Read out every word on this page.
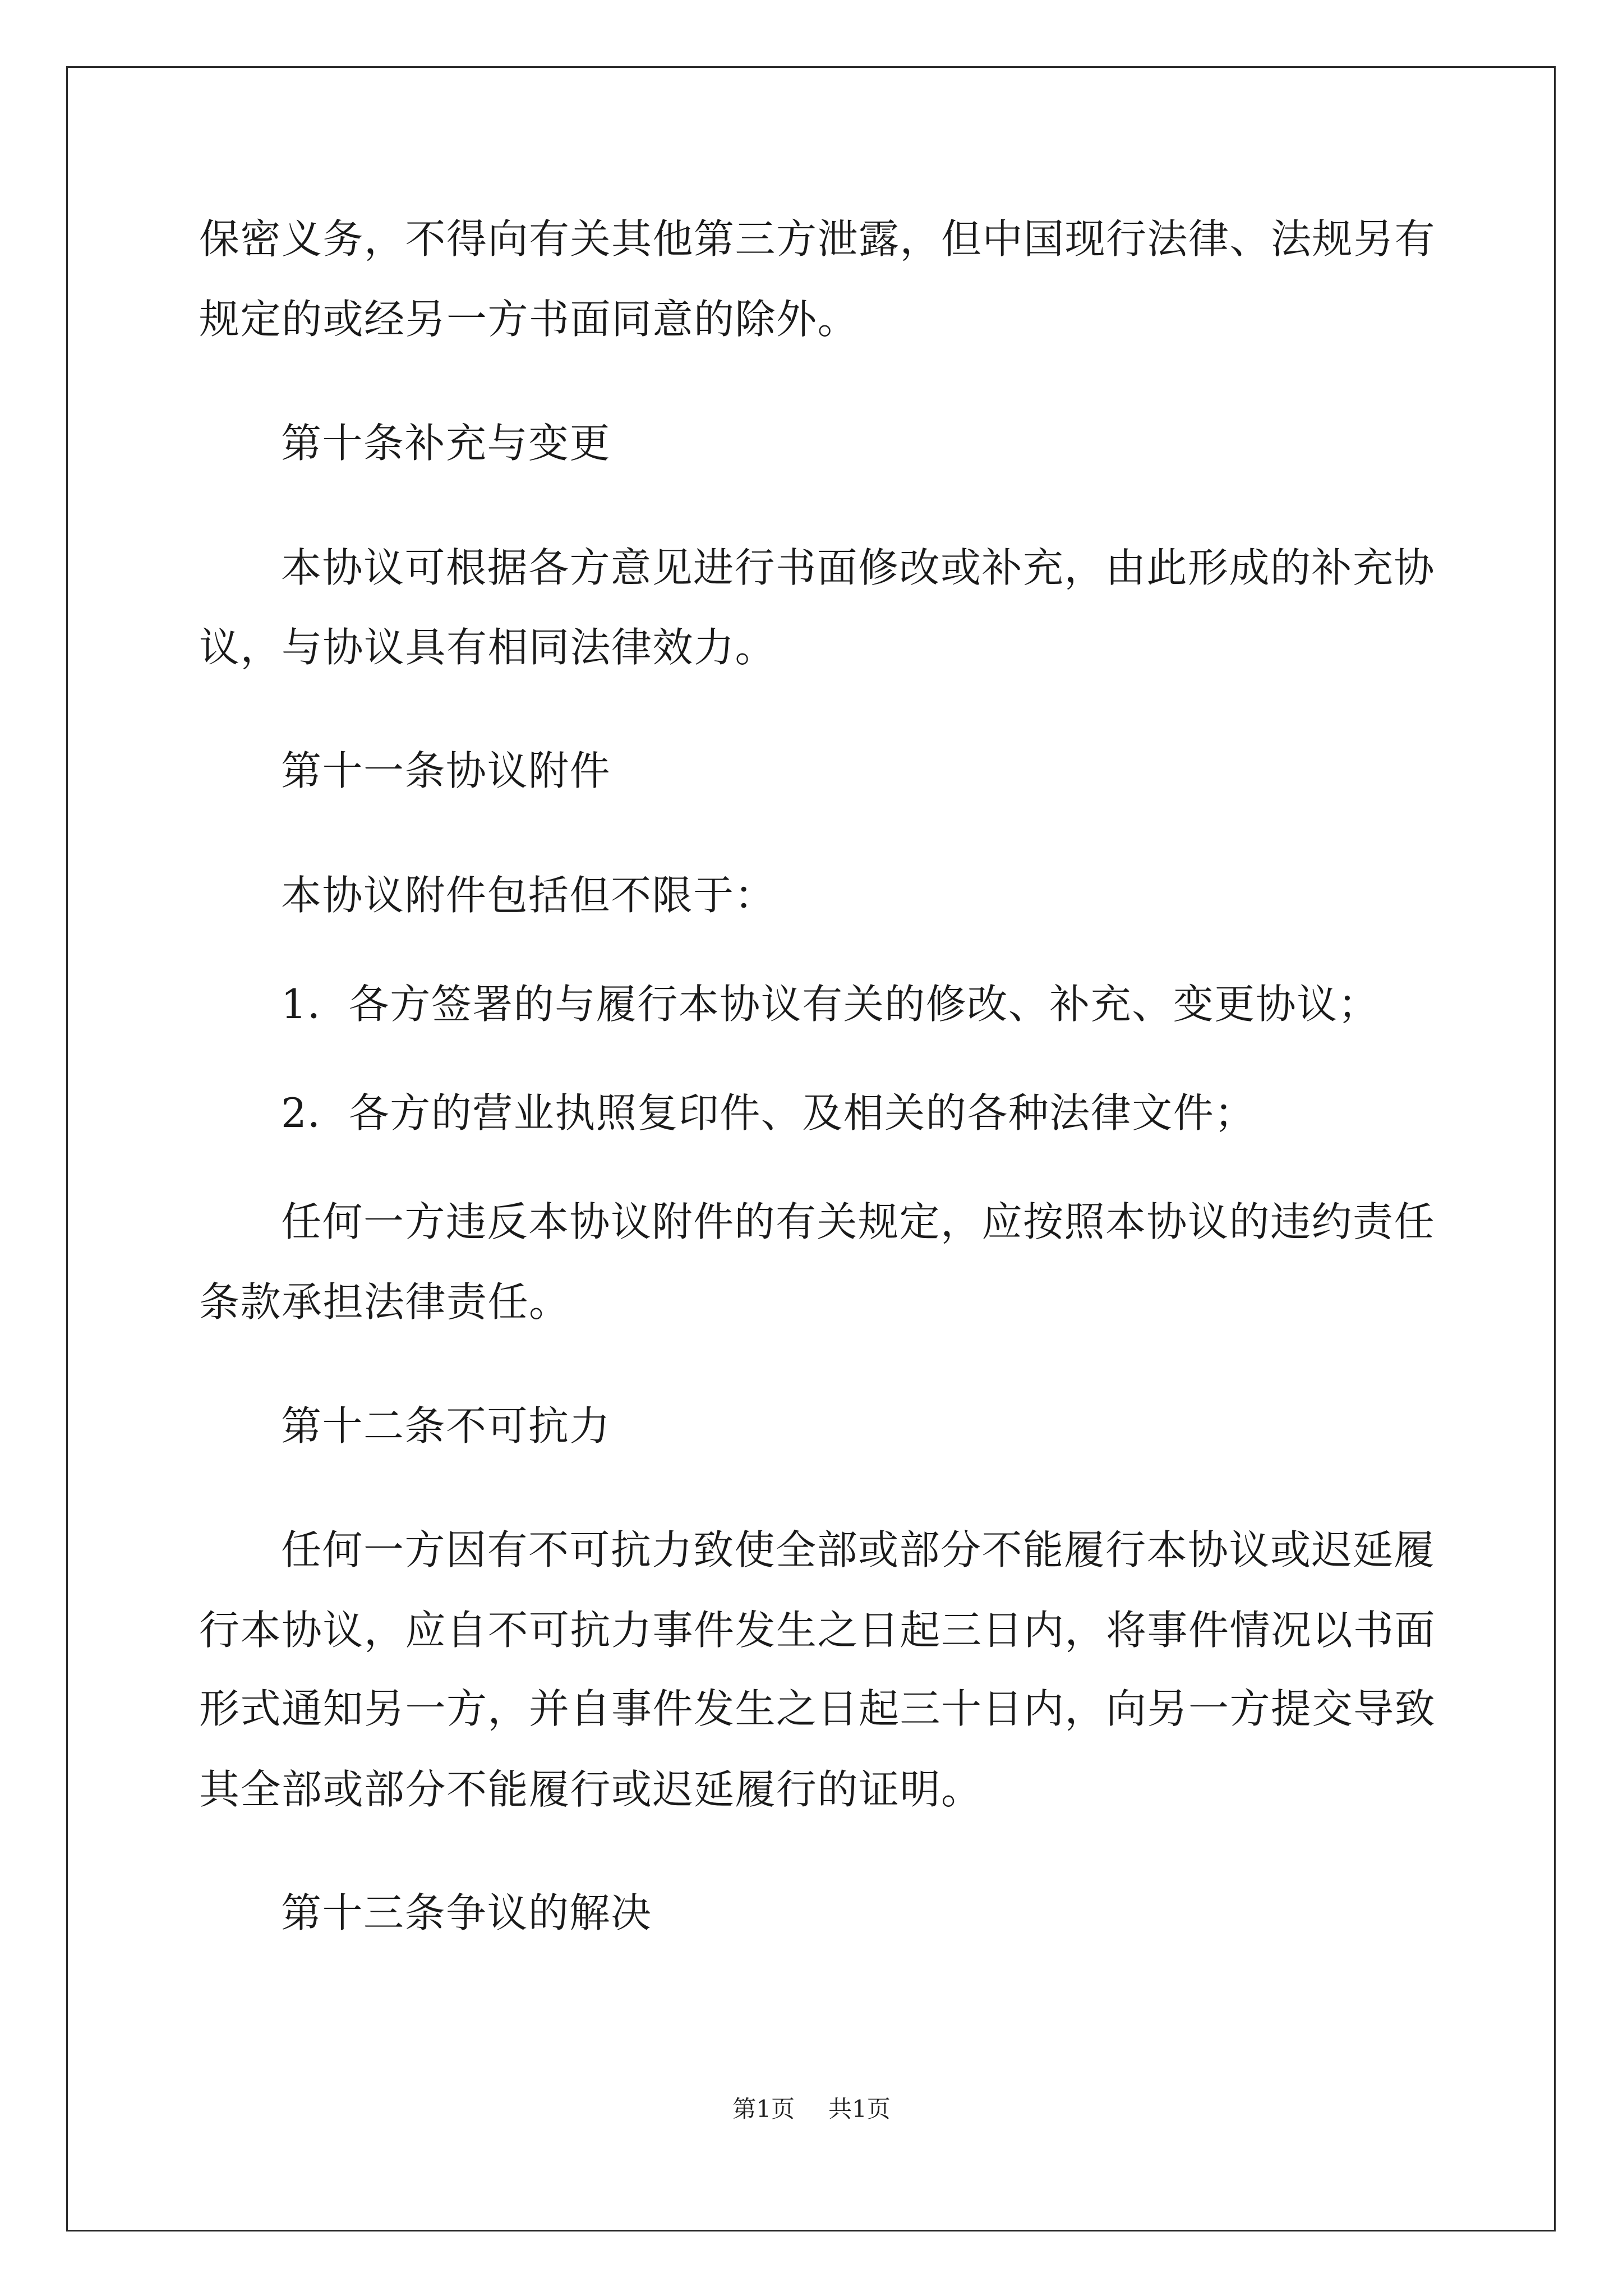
保密义务，不得向有关其他第三方泄露，但中国现行法律、法规另有
规定的或经另一方书面同意的除外。
第十条补充与变更
本协议可根据各方意见进行书面修改或补充，由此形成的补充协
议，与协议具有相同法律效力。
第十一条协议附件
本协议附件包括但不限于：
1．各方签署的与履行本协议有关的修改、补充、变更协议；
2．各方的营业执照复印件、及相关的各种法律文件；
任何一方违反本协议附件的有关规定，应按照本协议的违约责任
条款承担法律责任。
第十二条不可抗力
任何一方因有不可抗力致使全部或部分不能履行本协议或迟延履
行本协议，应自不可抗力事件发生之日起三日内，将事件情况以书面
形式通知另一方，并自事件发生之日起三十日内，向另一方提交导致
其全部或部分不能履行或迟延履行的证明。
第十三条争议的解决
第1页 共1页
